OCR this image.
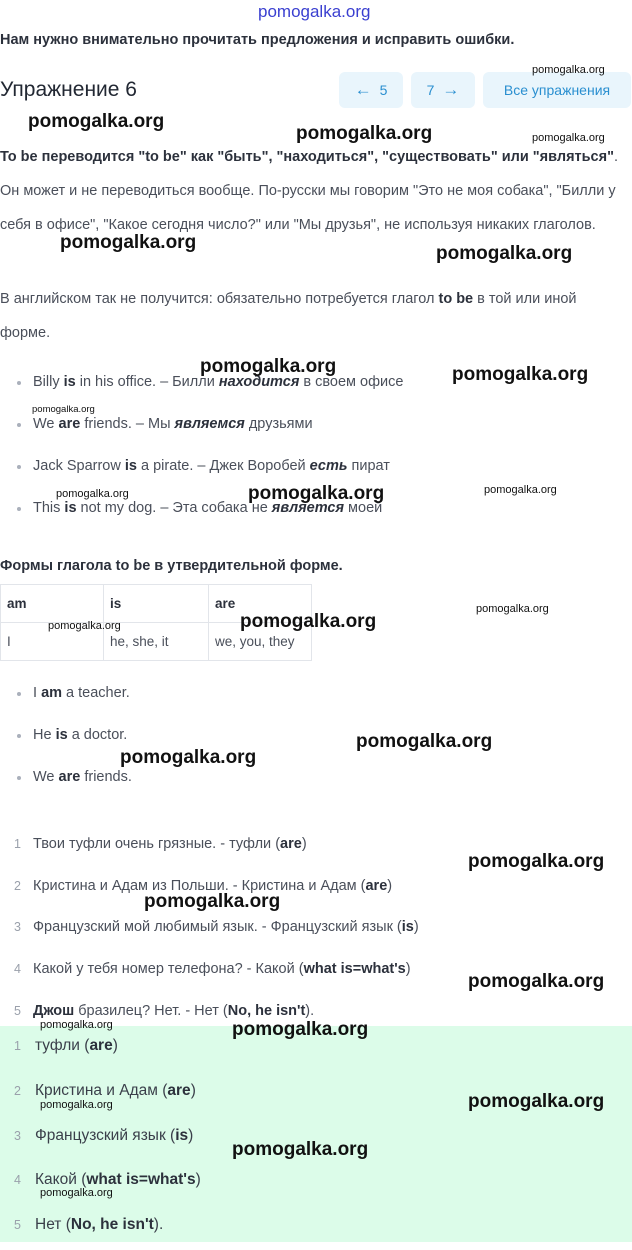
pomogalka.org
Нам нужно внимательно прочитать предложения и исправить ошибки.
Упражнение 6	← 5	7 →	Все упражнения
To be переводится "to be" как "быть", "находиться", "существовать" или "являться". Он может и не переводиться вообще. По-русски мы говорим "Это не моя собака", "Билли у себя в офисе", "Какое сегодня число?" или "Мы друзья", не используя никаких глаголов.
В английском так не получится: обязательно потребуется глагол to be в той или иной форме.
Billy is in his office. – Билли находится в своем офисе
We are friends. – Мы являемся друзьями
Jack Sparrow is a pirate. – Джек Воробей есть пират
This is not my dog. – Эта собака не является моей
Формы глагола to be в утвердительной форме.
am	is	are
I	he, she, it	we, you, they
I am a teacher.
He is a doctor.
We are friends.
1 Твои туфли очень грязные. - туфли (are)
2 Кристина и Адам из Польши. - Кристина и Адам (are)
3 Французский мой любимый язык. - Французский язык (is)
4 Какой у тебя номер телефона? - Какой (what is=what's)
5 Джош бразилец? Нет. - Нет (No, he isn't).
1 туфли (are)
2 Кристина и Адам (are)
3 Французский язык (is)
4 Какой (what is=what's)
5 Нет (No, he isn't).
pomogalka.org
pomogalka.org
pomogalka.org	pomogalka.org
pomogalka.org
pomogalka.org
pomogalka.org	pomogalka.org
pomogalka.org
pomogalka.org	pomogalka.org	pomogalka.org
pomogalka.org
pomogalka.org
pomogalka.org
pomogalka.org
pomogalka.org
pomogalka.org
pomogalka.org
pomogalka.org
pomogalka.org	pomogalka.org
pomogalka.org	pomogalka.org
pomogalka.org
pomogalka.org
